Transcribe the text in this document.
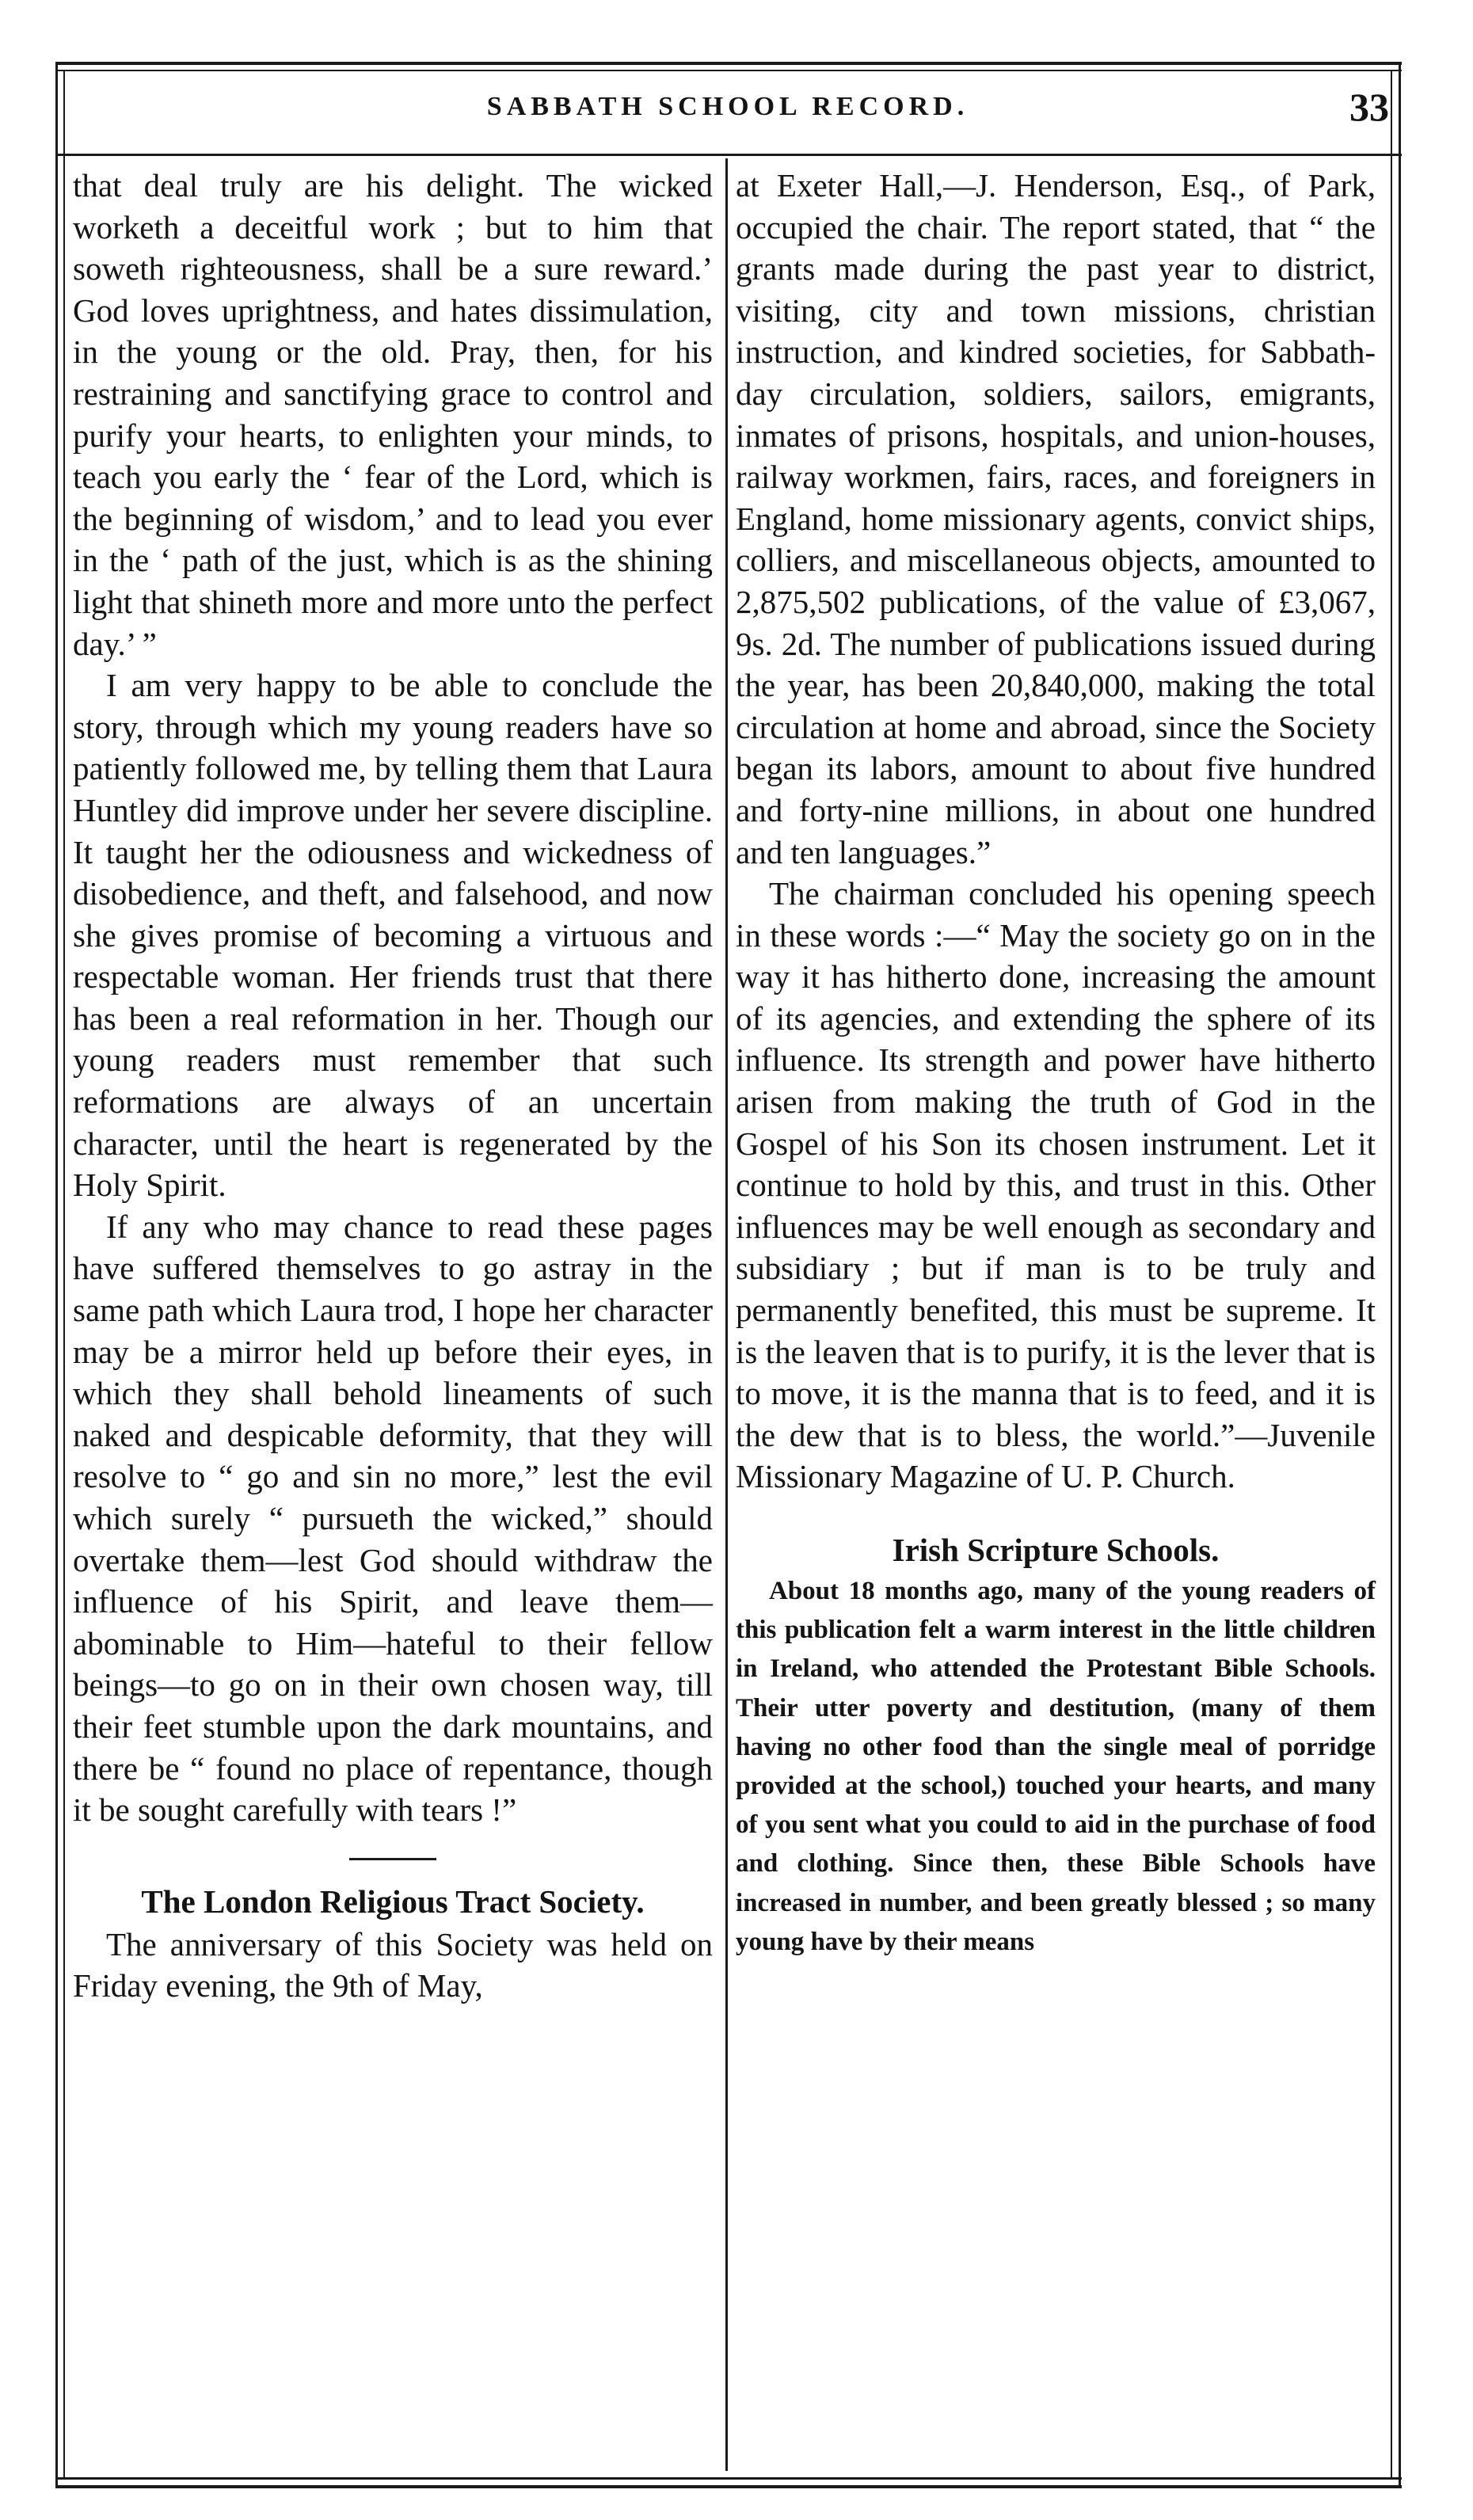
SABBATH SCHOOL RECORD.	33

that deal truly are his delight. The wicked worketh a deceitful work ; but to him that soweth righteousness, shall be a sure reward.’ God loves uprightness, and hates dissimulation, in the young or the old. Pray, then, for his restraining and sanctifying grace to control and purify your hearts, to enlighten your minds, to teach you early the ‘ fear of the Lord, which is the beginning of wisdom,’ and to lead you ever in the ‘ path of the just, which is as the shining light that shineth more and more unto the perfect day.’ ”

I am very happy to be able to conclude the story, through which my young readers have so patiently followed me, by telling them that Laura Huntley did improve under her severe discipline. It taught her the odiousness and wickedness of disobedience, and theft, and falsehood, and now she gives promise of becoming a virtuous and respectable woman. Her friends trust that there has been a real reformation in her. Though our young readers must remember that such reformations are always of an uncertain character, until the heart is regenerated by the Holy Spirit.

If any who may chance to read these pages have suffered themselves to go astray in the same path which Laura trod, I hope her character may be a mirror held up before their eyes, in which they shall behold lineaments of such naked and despicable deformity, that they will resolve to “ go and sin no more,” lest the evil which surely “ pursueth the wicked,” should overtake them—lest God should withdraw the influence of his Spirit, and leave them—abominable to Him—hateful to their fellow beings—to go on in their own chosen way, till their feet stumble upon the dark mountains, and there be “ found no place of repentance, though it be sought carefully with tears !”

The London Religious Tract Society.

The anniversary of this Society was held on Friday evening, the 9th of May,

at Exeter Hall,—J. Henderson, Esq., of Park, occupied the chair. The report stated, that “ the grants made during the past year to district, visiting, city and town missions, christian instruction, and kindred societies, for Sabbath-day circulation, soldiers, sailors, emigrants, inmates of prisons, hospitals, and union-houses, railway workmen, fairs, races, and foreigners in England, home missionary agents, convict ships, colliers, and miscellaneous objects, amounted to 2,875,502 publications, of the value of £3,067, 9s. 2d. The number of publications issued during the year, has been 20,840,000, making the total circulation at home and abroad, since the Society began its labors, amount to about five hundred and forty-nine millions, in about one hundred and ten languages.”

The chairman concluded his opening speech in these words :—“ May the society go on in the way it has hitherto done, increasing the amount of its agencies, and extending the sphere of its influence. Its strength and power have hitherto arisen from making the truth of God in the Gospel of his Son its chosen instrument. Let it continue to hold by this, and trust in this. Other influences may be well enough as secondary and subsidiary ; but if man is to be truly and permanently benefited, this must be supreme. It is the leaven that is to purify, it is the lever that is to move, it is the manna that is to feed, and it is the dew that is to bless, the world.”—Juvenile Missionary Magazine of U. P. Church.

Irish Scripture Schools.

About 18 months ago, many of the young readers of this publication felt a warm interest in the little children in Ireland, who attended the Protestant Bible Schools. Their utter poverty and destitution, (many of them having no other food than the single meal of porridge provided at the school,) touched your hearts, and many of you sent what you could to aid in the purchase of food and clothing. Since then, these Bible Schools have increased in number, and been greatly blessed ; so many young have by their means
